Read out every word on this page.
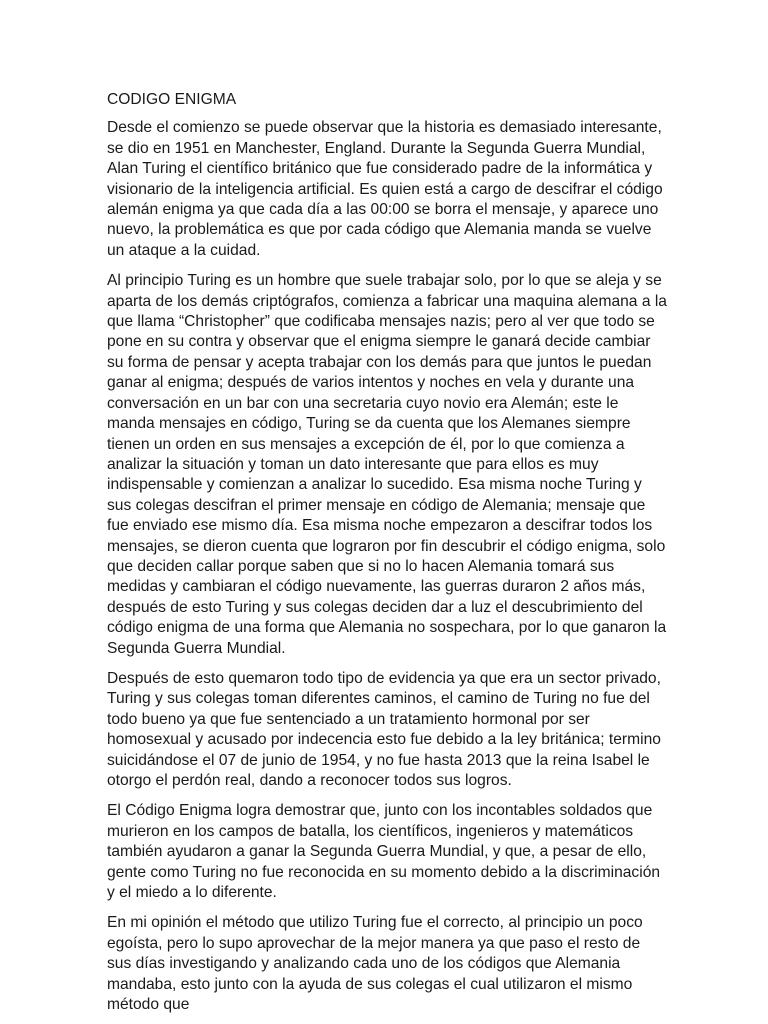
CODIGO ENIGMA

Desde el comienzo se puede observar que la historia es demasiado interesante, se dio en 1951 en Manchester, England. Durante la Segunda Guerra Mundial, Alan Turing el científico británico que fue considerado padre de la informática y visionario de la inteligencia artificial. Es quien está a cargo de descifrar el código alemán enigma ya que cada día a las 00:00 se borra el mensaje, y aparece uno nuevo, la problemática es que por cada código que Alemania manda se vuelve un ataque a la cuidad.

Al principio Turing es un hombre que suele trabajar solo, por lo que se aleja y se aparta de los demás criptógrafos, comienza a fabricar una maquina alemana a la que llama “Christopher” que codificaba mensajes nazis; pero al ver que todo se pone en su contra y observar que el enigma siempre le ganará decide cambiar su forma de pensar y acepta trabajar con los demás para que juntos le puedan ganar al enigma; después de varios intentos y noches en vela y durante una conversación en un bar con una secretaria cuyo novio era Alemán; este le manda mensajes en código, Turing se da cuenta que los Alemanes siempre tienen un orden en sus mensajes a excepción de él, por lo que comienza a analizar la situación y toman un dato interesante que para ellos es muy indispensable y comienzan a analizar lo sucedido. Esa misma noche Turing y sus colegas descifran el primer mensaje en código de Alemania; mensaje que fue enviado ese mismo día. Esa misma noche empezaron a descifrar todos los mensajes, se dieron cuenta que lograron por fin descubrir el código enigma, solo que deciden callar porque saben que si no lo hacen Alemania tomará sus medidas y cambiaran el código nuevamente, las guerras duraron 2 años más, después de esto Turing y sus colegas deciden dar a luz el descubrimiento del código enigma de una forma que Alemania no sospechara, por lo que ganaron la Segunda Guerra Mundial.

Después de esto quemaron todo tipo de evidencia ya que era un sector privado, Turing y sus colegas toman diferentes caminos, el camino de Turing no fue del todo bueno ya que fue sentenciado a un tratamiento hormonal por ser homosexual y acusado por indecencia esto fue debido a la ley británica; termino suicidándose el 07 de junio de 1954, y no fue hasta 2013 que la reina Isabel le otorgo el perdón real, dando a reconocer todos sus logros.

El Código Enigma logra demostrar que, junto con los incontables soldados que murieron en los campos de batalla, los científicos, ingenieros y matemáticos también ayudaron a ganar la Segunda Guerra Mundial, y que, a pesar de ello, gente como Turing no fue reconocida en su momento debido a la discriminación y el miedo a lo diferente.

En mi opinión el método que utilizo Turing fue el correcto, al principio un poco egoísta, pero lo supo aprovechar de la mejor manera ya que paso el resto de sus días investigando y analizando cada uno de los códigos que Alemania mandaba, esto junto con la ayuda de sus colegas el cual utilizaron el mismo método que
